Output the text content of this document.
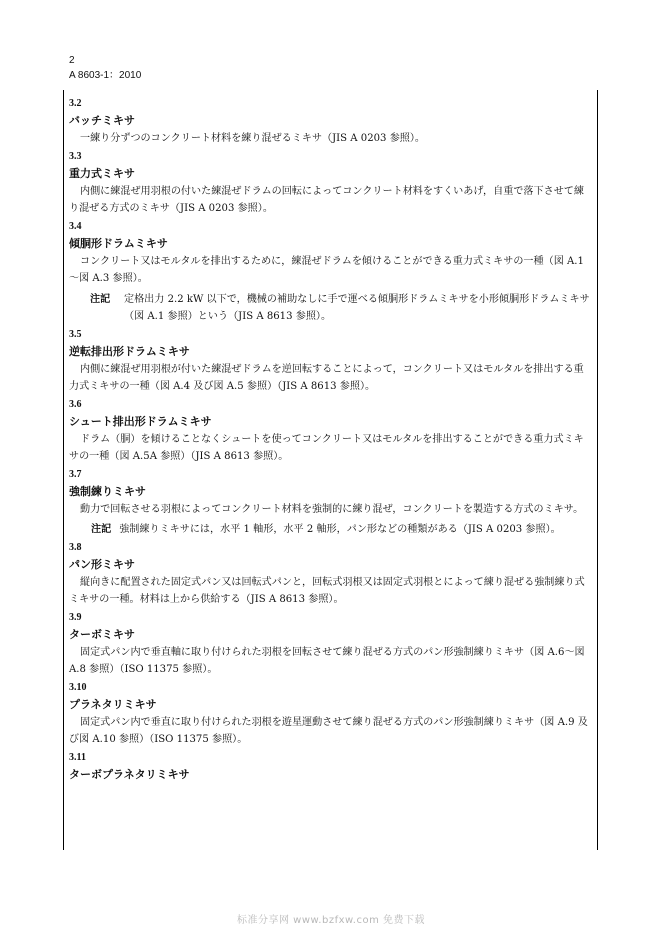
2
A 8603-1：2010
3.2
バッチミキサ

一練り分ずつのコンクリート材料を練り混ぜるミキサ（JIS A 0203 参照）。

3.3
重力式ミキサ

内側に練混ぜ用羽根の付いた練混ぜドラムの回転によってコンクリート材料をすくいあげ，自重で落下させて練り混ぜる方式のミキサ（JIS A 0203 参照）。

3.4
傾胴形ドラムミキサ

コンクリート又はモルタルを排出するために，練混ぜドラムを傾けることができる重力式ミキサの一種（図 A.1～図 A.3 参照）。

注記 定格出力 2.2 kW 以下で，機械の補助なしに手で運べる傾胴形ドラムミキサを小形傾胴形ドラムミキサ（図 A.1 参照）という（JIS A 8613 参照）。
3.5
逆転排出形ドラムミキサ

内側に練混ぜ用羽根が付いた練混ぜドラムを逆回転することによって，コンクリート又はモルタルを排出する重力式ミキサの一種（図 A.4 及び図 A.5 参照）（JIS A 8613 参照）。

3.6
シュート排出形ドラムミキサ

ドラム（胴）を傾けることなくシュートを使ってコンクリート又はモルタルを排出することができる重力式ミキサの一種（図 A.5A 参照）（JIS A 8613 参照）。

3.7
強制練りミキサ

動力で回転させる羽根によってコンクリート材料を強制的に練り混ぜ，コンクリートを製造する方式のミキサ。

注記 強制練りミキサには，水平 1 軸形，水平 2 軸形，パン形などの種類がある（JIS A 0203 参照）。
3.8
パン形ミキサ

縦向きに配置された固定式パン又は回転式パンと，回転式羽根又は固定式羽根とによって練り混ぜる強制練り式ミキサの一種。材料は上から供給する（JIS A 8613 参照）。

3.9
ターボミキサ

固定式パン内で垂直軸に取り付けられた羽根を回転させて練り混ぜる方式のパン形強制練りミキサ（図 A.6～図 A.8 参照）（ISO 11375 参照）。

3.10
プラネタリミキサ

固定式パン内で垂直に取り付けられた羽根を遊星運動させて練り混ぜる方式のパン形強制練りミキサ（図 A.9 及び図 A.10 参照）（ISO 11375 参照）。

3.11
ターボプラネタリミキサ
标准分享网 www.bzfxw.com 免费下载
